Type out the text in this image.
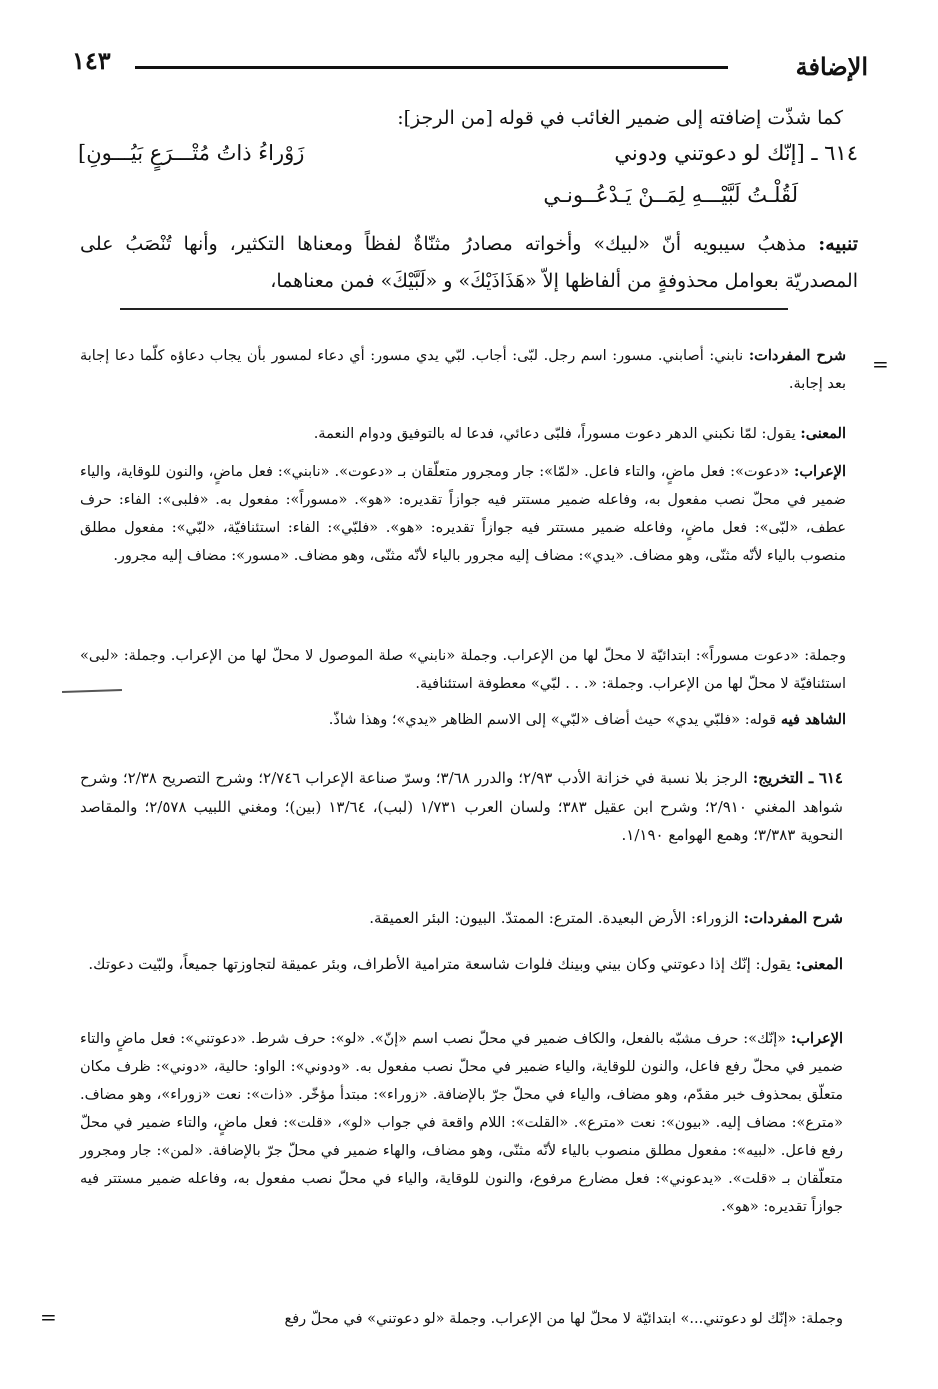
الإضافة
١٤٣
كما شذّت إضافته إلى ضمير الغائب في قوله [من الرجز]:
٦١٤ ـ [إنّك لو دعوتني ودوني
زَوْراءُ ذاتُ مُتْـــرَعٍ بَيُـــونِ]
لَقُلْـتُ لَبَّيْـــهِ لِمَــنْ يَـدْعُــونـي
تنبيه: مذهبُ سيبويه أنّ «لبيك» وأخواته مصادرُ مثنّاةٌ لفظاً ومعناها التكثير، وأنها تُنْصَبُ على المصدريّة بعوامل محذوفةٍ من ألفاظها إلاّ «هَذَاذَيْكَ» و «لَبَّيْكَ» فمن معناهما،
=
شرح المفردات: نابني: أصابني. مسور: اسم رجل. لبّى: أجاب. لبّي يدي مسور: أي دعاء لمسور بأن يجاب دعاؤه كلّما دعا إجابة بعد إجابة.
المعنى: يقول: لمّا نكبني الدهر دعوت مسوراً، فلبّى دعائي، فدعا له بالتوفيق ودوام النعمة.
الإعراب: «دعوت»: فعل ماضٍ، والتاء فاعل. «لمّا»: جار ومجرور متعلّقان بـ «دعوت». «نابني»: فعل ماضٍ، والنون للوقاية، والياء ضمير في محلّ نصب مفعول به، وفاعله ضمير مستتر فيه جوازاً تقديره: «هو». «مسوراً»: مفعول به. «فلبى»: الفاء: حرف عطف، «لبّى»: فعل ماضٍ، وفاعله ضمير مستتر فيه جوازاً تقديره: «هو». «فلبّي»: الفاء: استئنافيّة، «لبّي»: مفعول مطلق منصوب بالياء لأنّه مثنّى، وهو مضاف. «يدي»: مضاف إليه مجرور بالياء لأنّه مثنّى، وهو مضاف. «مسور»: مضاف إليه مجرور.
وجملة: «دعوت مسوراً»: ابتدائيّة لا محلّ لها من الإعراب. وجملة «نابني» صلة الموصول لا محلّ لها من الإعراب. وجملة: «لبى» استئنافيّة لا محلّ لها من الإعراب. وجملة: «. . . لبّي» معطوفة استئنافية.
الشاهد فيه قوله: «فلبّي يدي» حيث أضاف «لبّي» إلى الاسم الظاهر «يدي»؛ وهذا شاذّ.
٦١٤ ـ التخريج: الرجز بلا نسبة في خزانة الأدب ٢/٩٣؛ والدرر ٣/٦٨؛ وسرّ صناعة الإعراب ٢/٧٤٦؛ وشرح التصريح ٢/٣٨؛ وشرح شواهد المغني ٢/٩١٠؛ وشرح ابن عقيل ٣٨٣؛ ولسان العرب ١/٧٣١ (لبب)، ١٣/٦٤ (بين)؛ ومغني اللبيب ٢/٥٧٨؛ والمقاصد النحوية ٣/٣٨٣؛ وهمع الهوامع ١/١٩٠.
شرح المفردات: الزوراء: الأرض البعيدة. المترع: الممتدّ. البيون: البئر العميقة.
المعنى: يقول: إنّك إذا دعوتني وكان بيني وبينك فلوات شاسعة مترامية الأطراف، وبئر عميقة لتجاوزتها جميعاً، ولبّيت دعوتك.
الإعراب: «إنّك»: حرف مشبّه بالفعل، والكاف ضمير في محلّ نصب اسم «إنّ». «لو»: حرف شرط. «دعوتني»: فعل ماضٍ والتاء ضمير في محلّ رفع فاعل، والنون للوقاية، والياء ضمير في محلّ نصب مفعول به. «ودوني»: الواو: حالية، «دوني»: ظرف مكان متعلّق بمحذوف خبر مقدّم، وهو مضاف، والياء في محلّ جرّ بالإضافة. «زوراء»: مبتدأ مؤخّر. «ذات»: نعت «زوراء»، وهو مضاف. «مترع»: مضاف إليه. «بيون»: نعت «مترع». «القلت»: اللام واقعة في جواب «لو»، «قلت»: فعل ماضٍ، والتاء ضمير في محلّ رفع فاعل. «لبيه»: مفعول مطلق منصوب بالياء لأنّه مثنّى، وهو مضاف، والهاء ضمير في محلّ جرّ بالإضافة. «لمن»: جار ومجرور متعلّقان بـ «قلت». «يدعوني»: فعل مضارع مرفوع، والنون للوقاية، والياء في محلّ نصب مفعول به، وفاعله ضمير مستتر فيه جوازاً تقديره: «هو».
وجملة: «إنّك لو دعوتني...» ابتدائيّة لا محلّ لها من الإعراب. وجملة «لو دعوتني» في محلّ رفع
=
